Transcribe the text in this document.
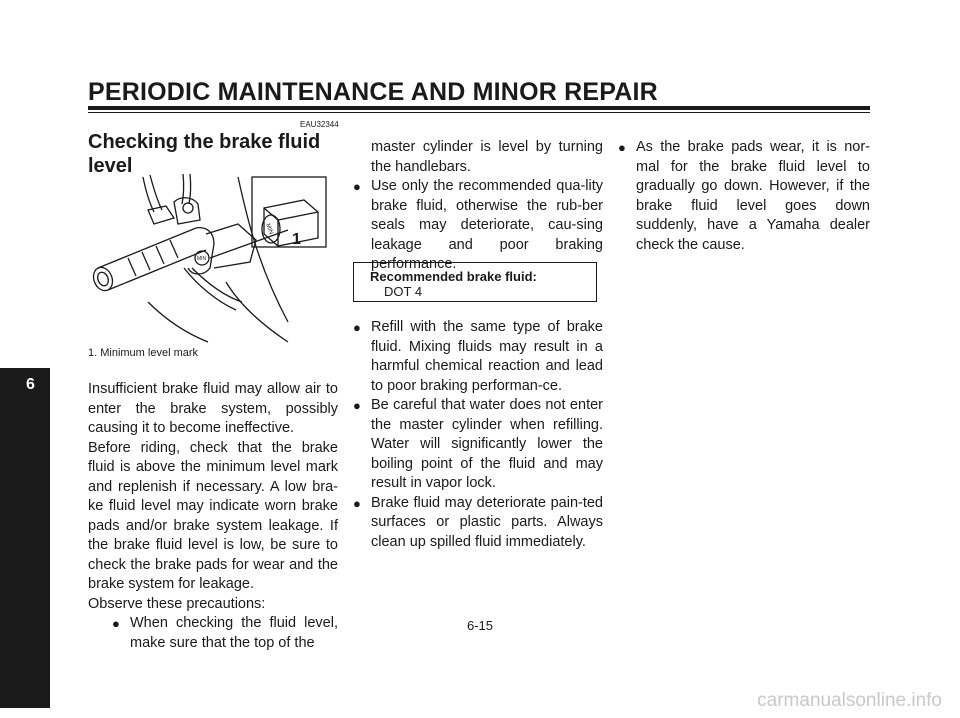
PERIODIC MAINTENANCE AND MINOR REPAIR
6
EAU32344
Checking the brake fluid level
MIN
MIN
1
1. Minimum level mark

Insufficient brake fluid may allow air to enter the brake system, possibly causing it to become ineffective.

Before riding, check that the brake fluid is above the minimum level mark and replenish if necessary. A low bra-ke fluid level may indicate worn brake pads and/or brake system leakage. If the brake fluid level is low, be sure to check the brake pads for wear and the brake system for leakage.

Observe these precautions:

● When checking the fluid level, make sure that the top of the
master cylinder is level by turning the handlebars.
● Use only the recommended qua-lity brake fluid, otherwise the rub-ber seals may deteriorate, cau-sing leakage and poor braking performance.
Recommended brake fluid:
DOT 4
● Refill with the same type of brake fluid. Mixing fluids may result in a harmful chemical reaction and lead to poor braking performan-ce.
● Be careful that water does not enter the master cylinder when refilling. Water will significantly lower the boiling point of the fluid and may result in vapor lock.
● Brake fluid may deteriorate pain-ted surfaces or plastic parts. Always clean up spilled fluid immediately.
● As the brake pads wear, it is nor-mal for the brake fluid level to gradually go down. However, if the brake fluid level goes down suddenly, have a Yamaha dealer check the cause.
6-15
carmanualsonline.info
